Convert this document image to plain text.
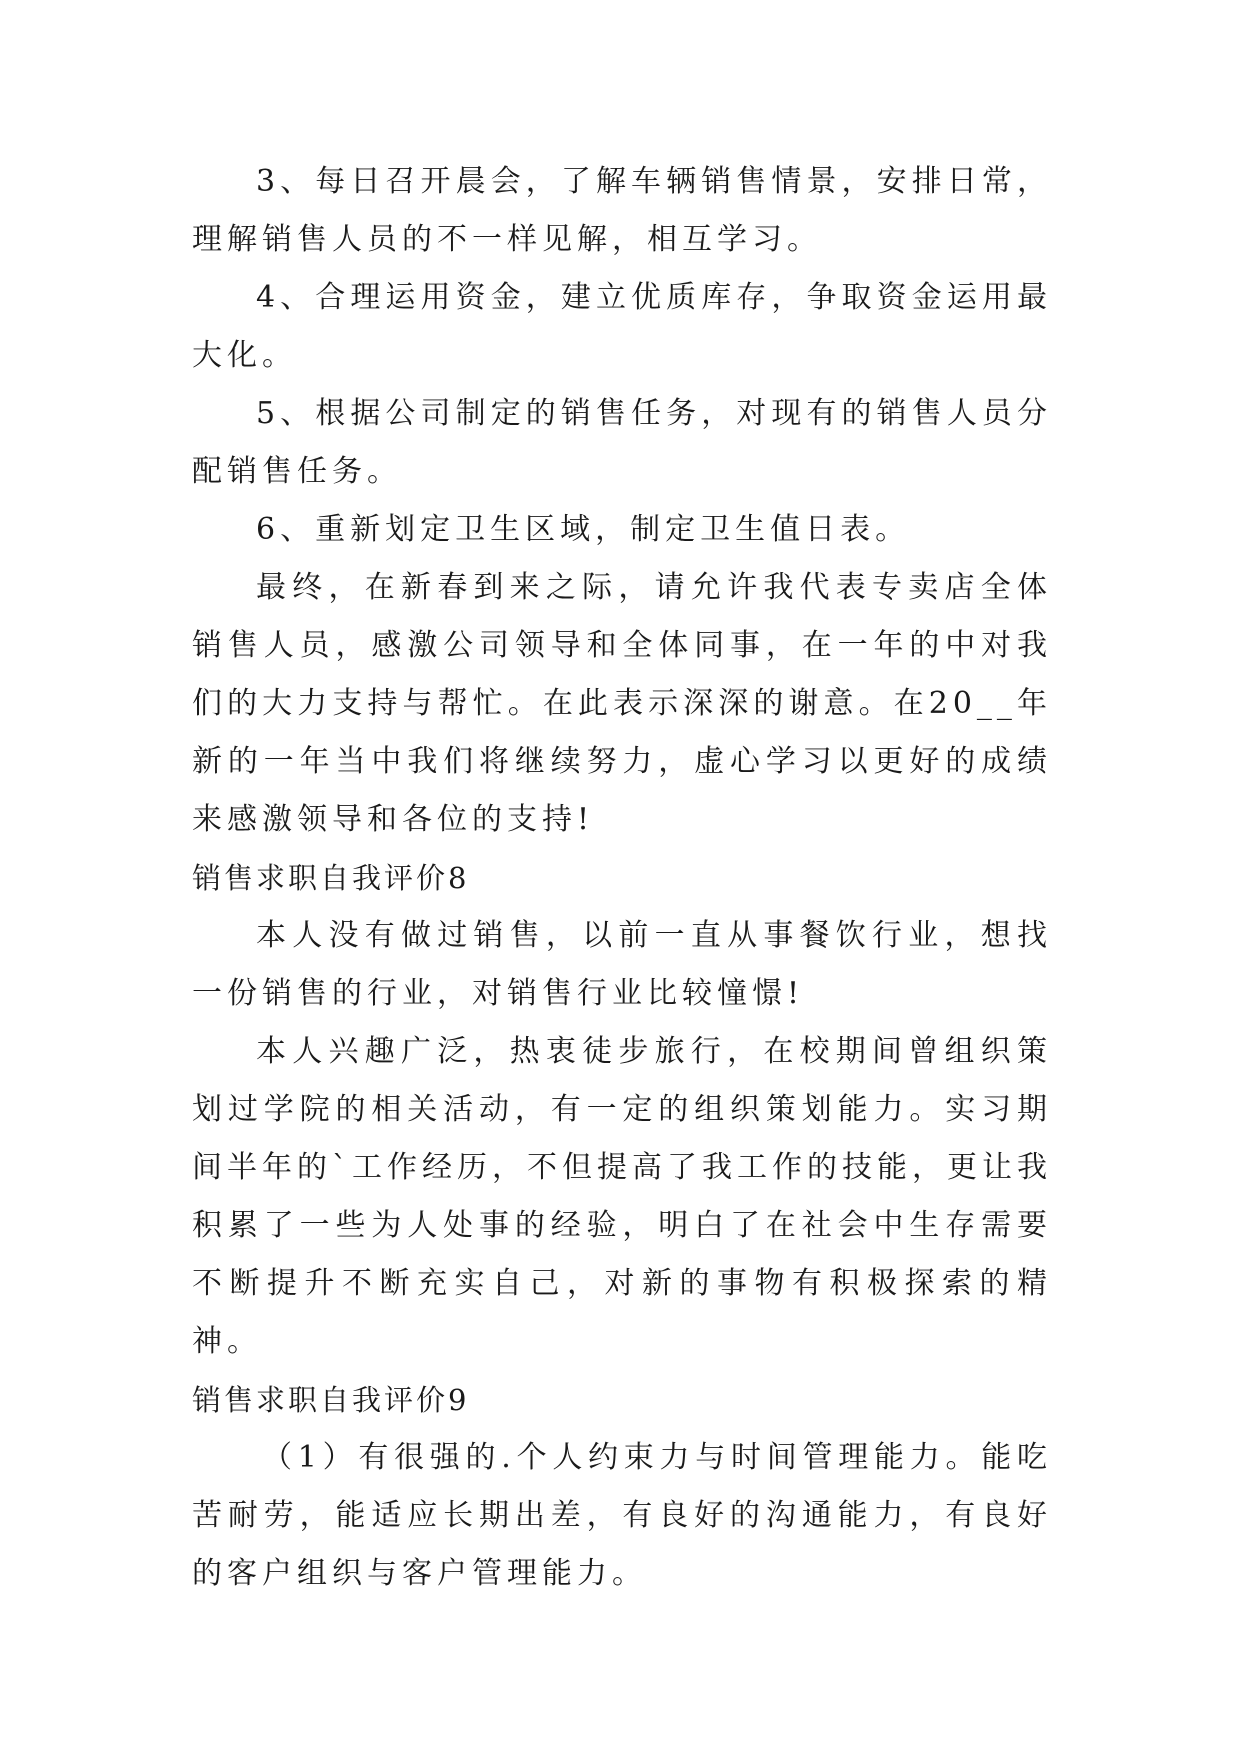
3、每日召开晨会，了解车辆销售情景，安排日常，理解销售人员的不一样见解，相互学习。

4、合理运用资金，建立优质库存，争取资金运用最大化。

5、根据公司制定的销售任务，对现有的销售人员分配销售任务。

6、重新划定卫生区域，制定卫生值日表。

最终，在新春到来之际，请允许我代表专卖店全体销售人员，感激公司领导和全体同事，在一年的中对我们的大力支持与帮忙。在此表示深深的谢意。在20__年新的一年当中我们将继续努力，虚心学习以更好的成绩来感激领导和各位的支持!

销售求职自我评价8

本人没有做过销售，以前一直从事餐饮行业，想找一份销售的行业，对销售行业比较憧憬!

本人兴趣广泛，热衷徒步旅行，在校期间曾组织策划过学院的相关活动，有一定的组织策划能力。实习期间半年的`工作经历，不但提高了我工作的技能，更让我积累了一些为人处事的经验，明白了在社会中生存需要不断提升不断充实自己，对新的事物有积极探索的精神。

销售求职自我评价9

（1）有很强的.个人约束力与时间管理能力。能吃苦耐劳，能适应长期出差，有良好的沟通能力，有良好的客户组织与客户管理能力。
